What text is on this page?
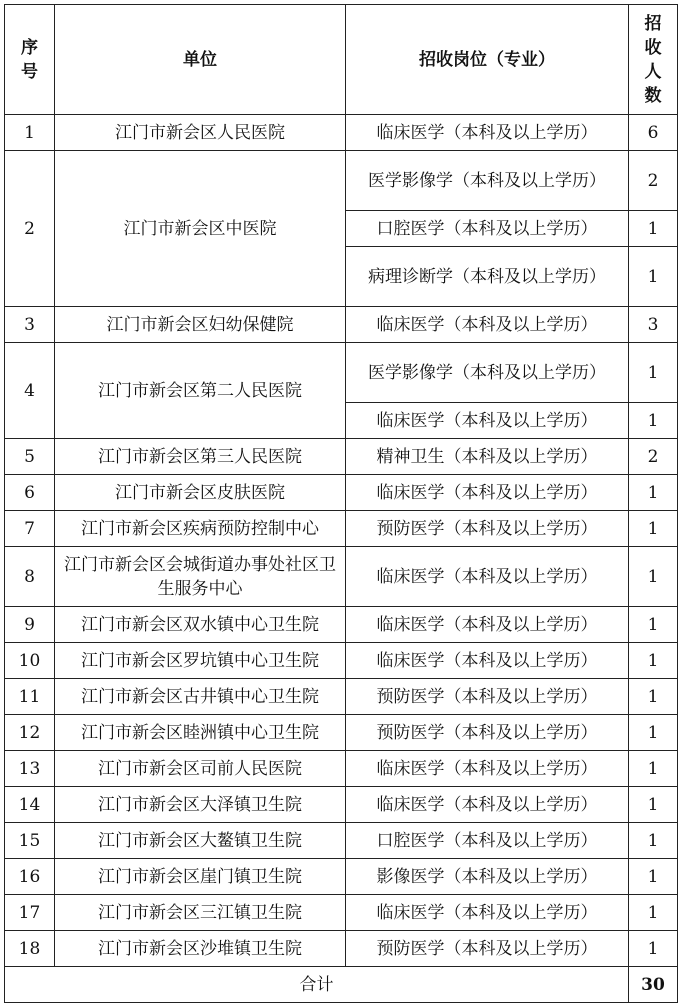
序号	单位	招收岗位（专业）	招收人数
1	江门市新会区人民医院	临床医学（本科及以上学历）	6
2	江门市新会区中医院	医学影像学（本科及以上学历）	2
		口腔医学（本科及以上学历）	1
		病理诊断学（本科及以上学历）	1
3	江门市新会区妇幼保健院	临床医学（本科及以上学历）	3
4	江门市新会区第二人民医院	医学影像学（本科及以上学历）	1
		临床医学（本科及以上学历）	1
5	江门市新会区第三人民医院	精神卫生（本科及以上学历）	2
6	江门市新会区皮肤医院	临床医学（本科及以上学历）	1
7	江门市新会区疾病预防控制中心	预防医学（本科及以上学历）	1
8	江门市新会区会城街道办事处社区卫生服务中心	临床医学（本科及以上学历）	1
9	江门市新会区双水镇中心卫生院	临床医学（本科及以上学历）	1
10	江门市新会区罗坑镇中心卫生院	临床医学（本科及以上学历）	1
11	江门市新会区古井镇中心卫生院	预防医学（本科及以上学历）	1
12	江门市新会区睦洲镇中心卫生院	预防医学（本科及以上学历）	1
13	江门市新会区司前人民医院	临床医学（本科及以上学历）	1
14	江门市新会区大泽镇卫生院	临床医学（本科及以上学历）	1
15	江门市新会区大鳌镇卫生院	口腔医学（本科及以上学历）	1
16	江门市新会区崖门镇卫生院	影像医学（本科及以上学历）	1
17	江门市新会区三江镇卫生院	临床医学（本科及以上学历）	1
18	江门市新会区沙堆镇卫生院	预防医学（本科及以上学历）	1
合计			30
